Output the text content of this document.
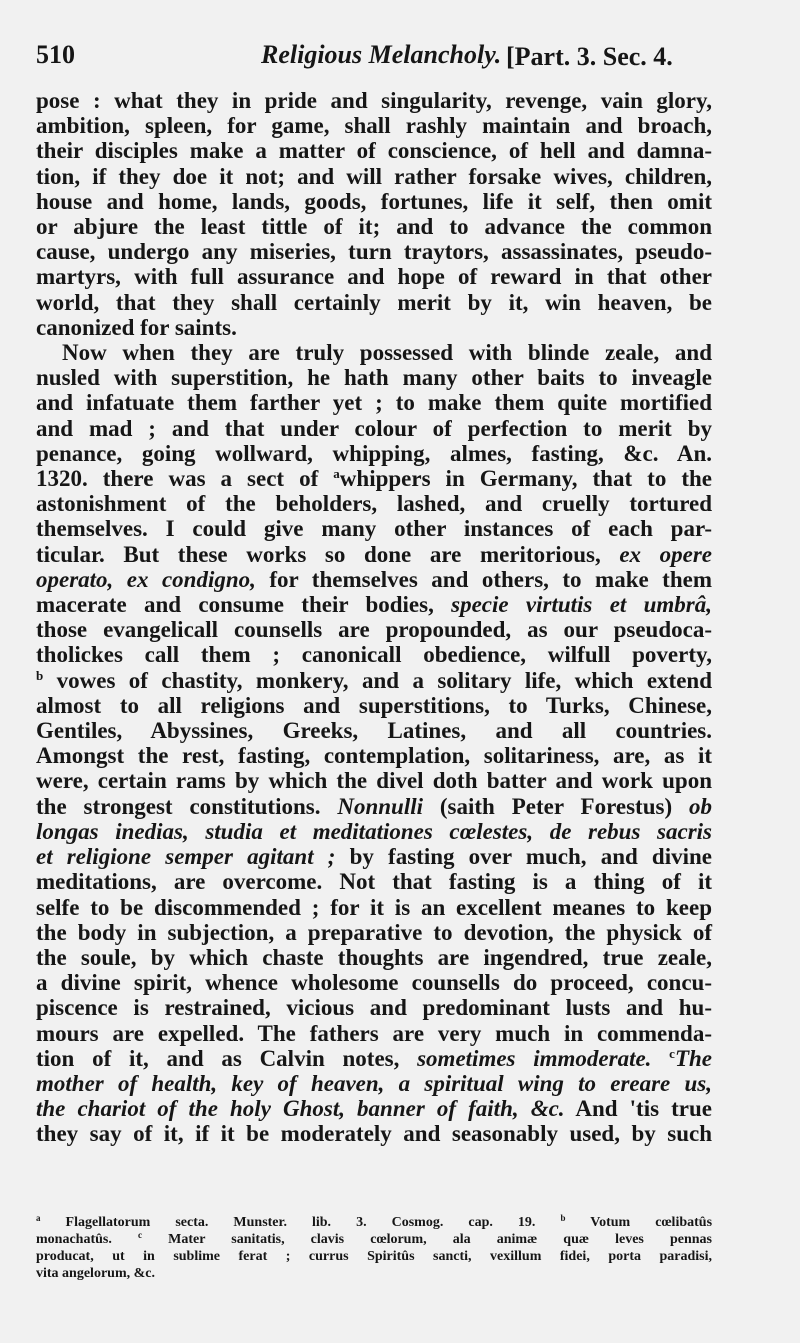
510	Religious Melancholy. [Part. 3. Sec. 4.
pose : what they in pride and singularity, revenge, vain glory,
ambition, spleen, for game, shall rashly maintain and broach,
their disciples make a matter of conscience, of hell and damna-
tion, if they doe it not; and will rather forsake wives, children,
house and home, lands, goods, fortunes, life it self, then omit
or abjure the least tittle of it; and to advance the common
cause, undergo any miseries, turn traytors, assassinates, pseudo-
martyrs, with full assurance and hope of reward in that other
world, that they shall certainly merit by it, win heaven, be
canonized for saints.
Now when they are truly possessed with blinde zeale, and
nusled with superstition, he hath many other baits to inveagle
and infatuate them farther yet ; to make them quite mortified
and mad ; and that under colour of perfection to merit by
penance, going wollward, whipping, almes, fasting, &c. An.
1320. there was a sect of $^a$whippers in Germany, that to the
astonishment of the beholders, lashed, and cruelly tortured
themselves. I could give many other instances of each par-
ticular. But these works so done are meritorious, ex opere
operato, ex condigno, for themselves and others, to make them
macerate and consume their bodies, specie virtutis et umbrâ,
those evangelicall counsells are propounded, as our pseudoca-
tholickes call them ; canonicall obedience, wilfull poverty,
$^b$ vowes of chastity, monkery, and a solitary life, which extend
almost to all religions and superstitions, to Turks, Chinese,
Gentiles, Abyssines, Greeks, Latines, and all countries.
Amongst the rest, fasting, contemplation, solitariness, are, as it
were, certain rams by which the divel doth batter and work upon
the strongest constitutions. Nonnulli (saith Peter Forestus) ob
longas inedias, studia et meditationes cœlestes, de rebus sacris
et religione semper agitant ; by fasting over much, and divine
meditations, are overcome. Not that fasting is a thing of it
selfe to be discommended ; for it is an excellent meanes to keep
the body in subjection, a preparative to devotion, the physick of
the soule, by which chaste thoughts are ingendred, true zeale,
a divine spirit, whence wholesome counsells do proceed, concu-
piscence is restrained, vicious and predominant lusts and hu-
mours are expelled. The fathers are very much in commenda-
tion of it, and as Calvin notes, sometimes immoderate. $^c$The
mother of health, key of heaven, a spiritual wing to ereare us,
the chariot of the holy Ghost, banner of faith, &c. And 'tis true
they say of it, if it be moderately and seasonably used, by such
$^a$ Flagellatorum secta. Munster. lib. 3. Cosmog. cap. 19.	$^b$ Votum cœlibatûs
monachatûs.	$^c$ Mater sanitatis, clavis cœlorum, ala animæ quæ leves pennas
producat, ut in sublime ferat ; currus Spiritûs sancti, vexillum fidei, porta paradisi,
vita angelorum, &c.
